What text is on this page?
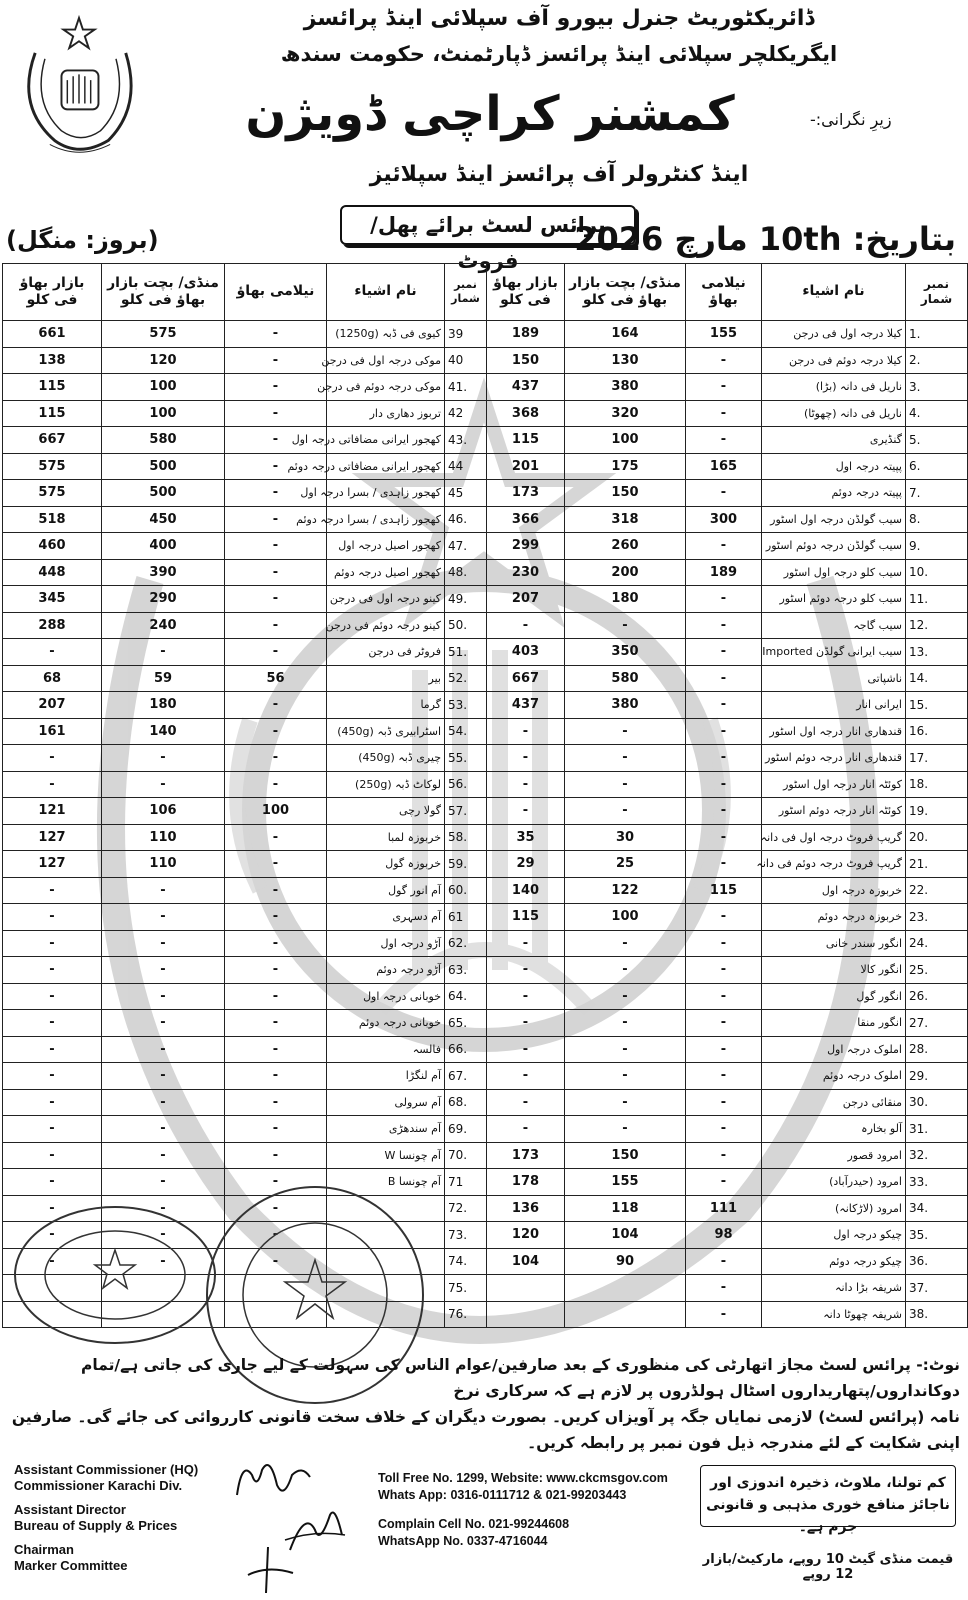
ڈائریکٹوریٹ جنرل بیورو آف سپلائی اینڈ پرائسز
ایگریکلچر سپلائی اینڈ پرائسز ڈپارٹمنٹ، حکومت سندھ
زیرِ نگرانی:-
کمشنر کراچی ڈویژن
اینڈ کنٹرولر آف پرائسز اینڈ سپلائیز
پرائس لسٹ برائے پھل/فروٹ
بتاریخ: 10th مارچ 2026
(بروز: منگل)
بازار بھاؤ فی کلو	منڈی/ بچت بازار بھاؤ فی کلو	نیلامی بھاؤ	نام اشیاء	نمبر شمار	بازار بھاؤ فی کلو	منڈی/ بچت بازار بھاؤ فی کلو	نیلامی بھاؤ	نام اشیاء	نمبر شمار
661	575	-	کیوی فی ڈبہ (1250g)	39	189	164	155	کیلا درجہ اول فی درجن	1.
138	120	-	موکی درجہ اول فی درجن	40	150	130	-	کیلا درجہ دوئم فی درجن	2.
115	100	-	موکی درجہ دوئم فی درجن	41.	437	380	-	ناریل فی دانہ (بڑا)	3.
115	100	-	تربوز دھاری دار	42	368	320	-	ناریل فی دانہ (چھوٹا)	4.
667	580	-	کھجور ایرانی مضافاتی درجہ اول	43.	115	100	-	گنڈیری	5.
575	500	-	کھجور ایرانی مضافاتی درجہ دوئم	44	201	175	165	پپیتہ درجہ اول	6.
575	500	-	کھجور زاہدی / بسرا درجہ اول	45	173	150	-	پپیتہ درجہ دوئم	7.
518	450	-	کھجور زاہدی / بسرا درجہ دوئم	46.	366	318	300	سیب گولڈن درجہ اول اسٹور	8.
460	400	-	کھجور اصیل درجہ اول	47.	299	260	-	سیب گولڈن درجہ دوئم اسٹور	9.
448	390	-	کھجور اصیل درجہ دوئم	48.	230	200	189	سیب کلو درجہ اول اسٹور	10.
345	290	-	کینو درجہ اول فی درجن	49.	207	180	-	سیب کلو درجہ دوئم اسٹور	11.
288	240	-	کینو درجہ دوئم فی درجن	50.	-	-	-	سیب گاجہ	12.
-	-	-	فروٹر فی درجن	51.	403	350	-	سیب ایرانی گولڈن Imported	13.
68	59	56	بیر	52.	667	580	-	ناشپاتی	14.
207	180	-	گرما	53.	437	380	-	ایرانی انار	15.
161	140	-	اسٹرابیری ڈبہ (450g)	54.	-	-	-	قندھاری انار درجہ اول اسٹور	16.
-	-	-	چیری ڈبہ (450g)	55.	-	-	-	قندھاری انار درجہ دوئم اسٹور	17.
-	-	-	لوکاٹ ڈبہ (250g)	56.	-	-	-	کوئٹہ انار درجہ اول اسٹور	18.
121	106	100	گولا رچی	57.	-	-	-	کوئٹہ انار درجہ دوئم اسٹور	19.
127	110	-	خربوزہ لمبا	58.	35	30	-	گریپ فروٹ درجہ اول فی دانہ	20.
127	110	-	خربوزہ گول	59.	29	25	-	گریپ فروٹ درجہ دوئم فی دانہ	21.
-	-	-	آم انور گول	60.	140	122	115	خربوزہ درجہ اول	22.
-	-	-	آم دسہری	61	115	100	-	خربوزہ درجہ دوئم	23.
-	-	-	آڑو درجہ اول	62.	-	-	-	انگور سندر خانی	24.
-	-	-	آڑو درجہ دوئم	63.	-	-	-	انگور کالا	25.
-	-	-	خوبانی درجہ اول	64.	-	-	-	انگور گول	26.
-	-	-	خوبانی درجہ دوئم	65.	-	-	-	انگور منقا	27.
-	-	-	فالسہ	66.	-	-	-	املوک درجہ اول	28.
-	-	-	آم لنگڑا	67.	-	-	-	املوک درجہ دوئم	29.
-	-	-	آم سرولی	68.	-	-	-	منقائی درجن	30.
-	-	-	آم سندھڑی	69.	-	-	-	آلو بخارہ	31.
-	-	-	آم چونسا W	70.	173	150	-	امرود قصور	32.
-	-	-	آم چونسا B	71	178	155	-	امرود (حیدرآباد)	33.
-	-	-		72.	136	118	111	امرود (لاڑکانہ)	34.
-	-	-		73.	120	104	98	چیکو درجہ اول	35.
-	-	-		74.	104	90	-	چیکو درجہ دوئم	36.
				75.			-	شریفہ بڑا دانہ	37.
				76.			-	شریفہ چھوٹا دانہ	38.
نوٹ:- پرائس لسٹ مجاز اتھارٹی کی منظوری کے بعد صارفین/عوام الناس کی سہولت کے لیے جاری کی جاتی ہے/تمام دوکانداروں/پتھاریداروں اسٹال ہولڈروں پر لازم ہے کہ سرکاری نرخ
نامہ (پرائس لسٹ) لازمی نمایاں جگہ پر آویزاں کریں۔ بصورت دیگران کے خلاف سخت قانونی کارروائی کی جائے گی۔ صارفین اپنی شکایت کے لئے مندرجہ ذیل فون نمبر پر رابطہ کریں۔
Assistant Commissioner (HQ)
Commissioner Karachi Div.
Assistant Director
Bureau of Supply & Prices
Chairman
Marker Committee
Toll Free No. 1299, Website: www.ckcmsgov.com
Whats App: 0316-0111712 & 021-99203443
Complain Cell No. 021-99244608
WhatsApp No. 0337-4716044
کم تولنا، ملاوٹ، ذخیرہ اندوزی اور
ناجائز منافع خوری مذہبی و قانونی جرم ہے۔
قیمت منڈی گیٹ 10 روپے، مارکیٹ/بازار 12 روپے
